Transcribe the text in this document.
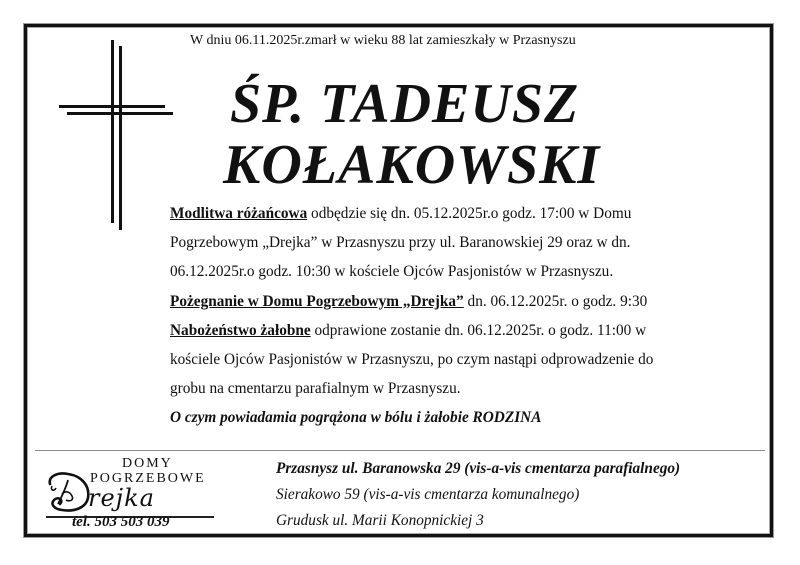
W dniu 06.11.2025r.zmarł w wieku 88 lat zamieszkały w Przasnyszu
ŚP. TADEUSZ
KOŁAKOWSKI
Modlitwa różańcowa odbędzie się dn. 05.12.2025r.o godz. 17:00 w Domu
Pogrzebowym „Drejka” w Przasnyszu przy ul. Baranowskiej 29 oraz w dn.
06.12.2025r.o godz. 10:30 w kościele Ojców Pasjonistów w Przasnyszu.
Pożegnanie w Domu Pogrzebowym „Drejka” dn. 06.12.2025r. o godz. 9:30
Nabożeństwo żałobne odprawione zostanie dn. 06.12.2025r. o godz. 11:00 w
kościele Ojców Pasjonistów w Przasnyszu, po czym nastąpi odprowadzenie do
grobu na cmentarzu parafialnym w Przasnyszu.
O czym powiadamia pogrążona w bólu i żałobie RODZINA
DOMY
POGRZEBOWE
rejka
tel. 503 503 039
Przasnysz ul. Baranowska 29 (vis-a-vis cmentarza parafialnego)
Sierakowo 59 (vis-a-vis cmentarza komunalnego)
Grudusk ul. Marii Konopnickiej 3
